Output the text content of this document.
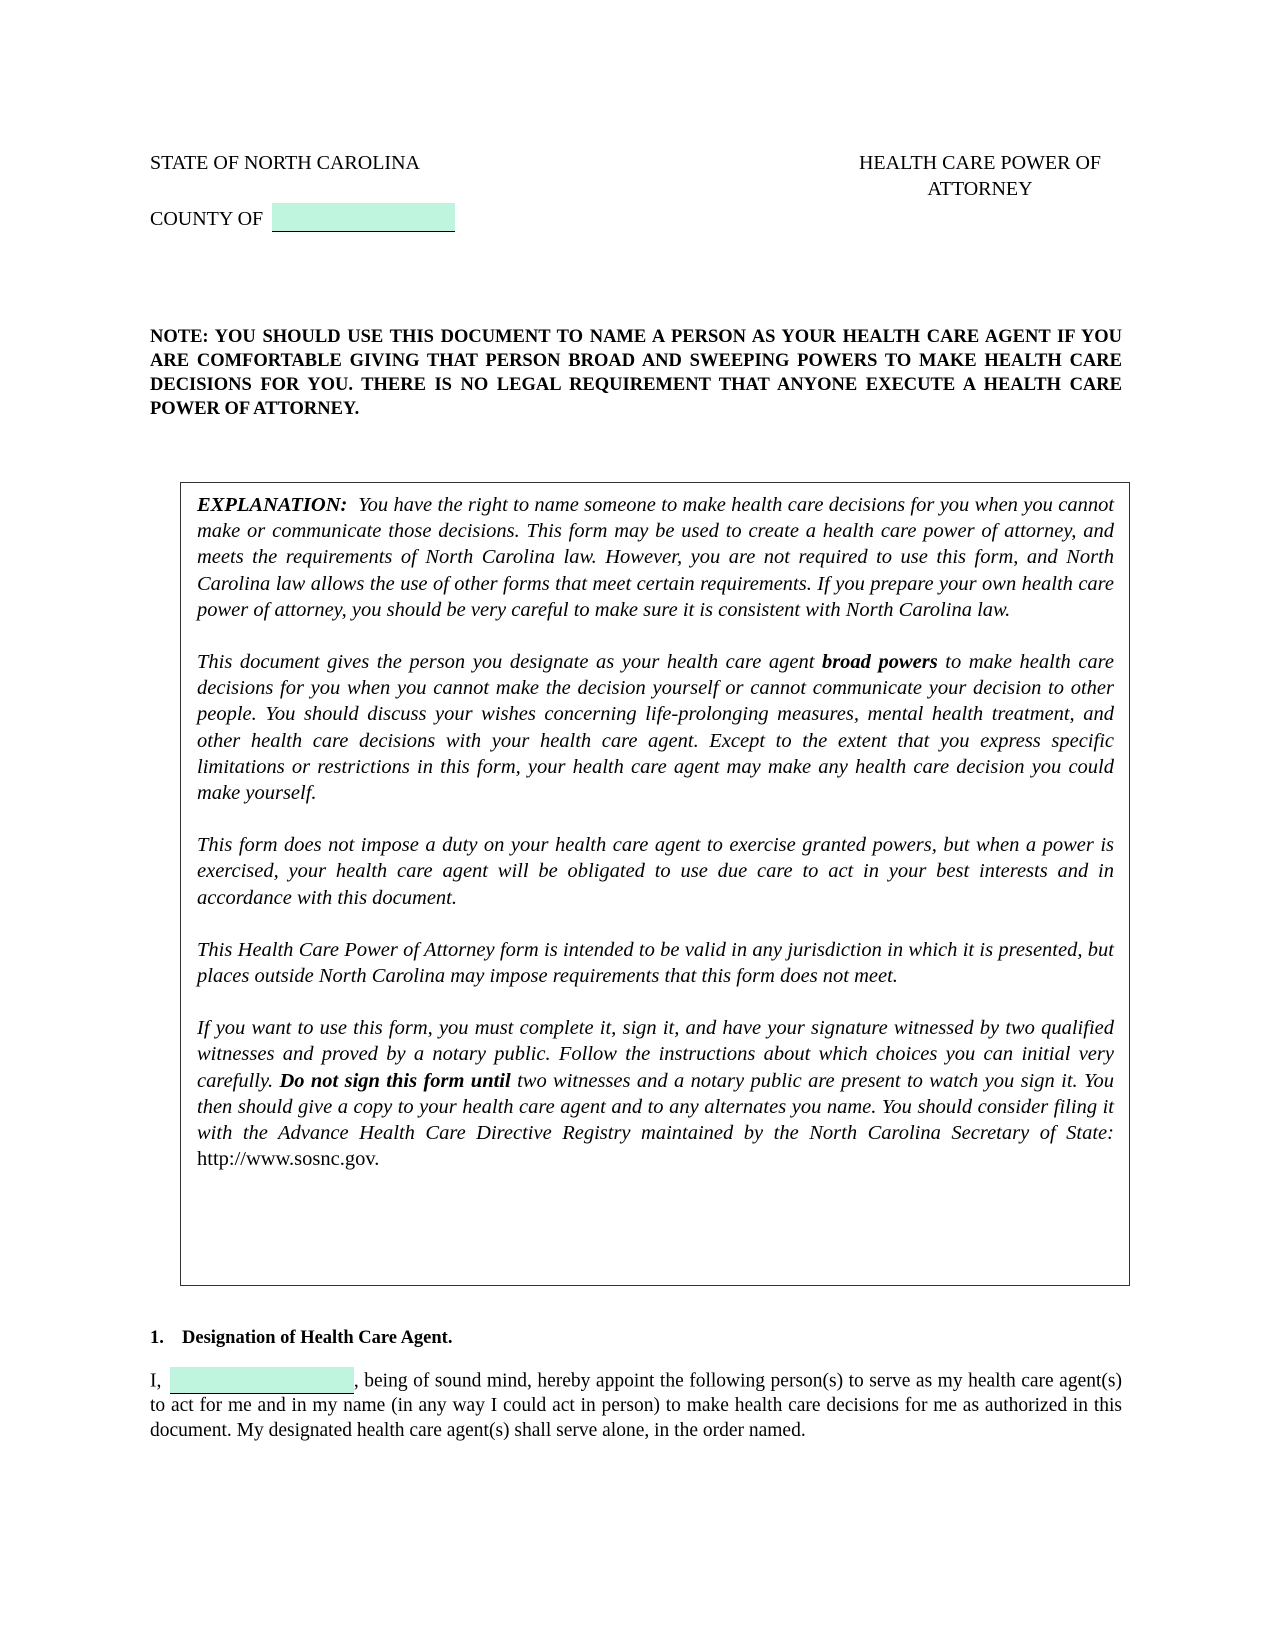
STATE OF NORTH CAROLINA	HEALTH CARE POWER OF
ATTORNEY
COUNTY OF
NOTE: YOU SHOULD USE THIS DOCUMENT TO NAME A PERSON AS YOUR HEALTH CARE AGENT IF YOU ARE COMFORTABLE GIVING THAT PERSON BROAD AND SWEEPING POWERS TO MAKE HEALTH CARE DECISIONS FOR YOU. THERE IS NO LEGAL REQUIREMENT THAT ANYONE EXECUTE A HEALTH CARE POWER OF ATTORNEY.

EXPLANATION: You have the right to name someone to make health care decisions for you when you cannot make or communicate those decisions. This form may be used to create a health care power of attorney, and meets the requirements of North Carolina law. However, you are not required to use this form, and North Carolina law allows the use of other forms that meet certain requirements. If you prepare your own health care power of attorney, you should be very careful to make sure it is consistent with North Carolina law.

This document gives the person you designate as your health care agent broad powers to make health care decisions for you when you cannot make the decision yourself or cannot communicate your decision to other people. You should discuss your wishes concerning life-prolonging measures, mental health treatment, and other health care decisions with your health care agent. Except to the extent that you express specific limitations or restrictions in this form, your health care agent may make any health care decision you could make yourself.

This form does not impose a duty on your health care agent to exercise granted powers, but when a power is exercised, your health care agent will be obligated to use due care to act in your best interests and in accordance with this document.

This Health Care Power of Attorney form is intended to be valid in any jurisdiction in which it is presented, but places outside North Carolina may impose requirements that this form does not meet.

If you want to use this form, you must complete it, sign it, and have your signature witnessed by two qualified witnesses and proved by a notary public. Follow the instructions about which choices you can initial very carefully. Do not sign this form until two witnesses and a notary public are present to watch you sign it. You then should give a copy to your health care agent and to any alternates you name. You should consider filing it with the Advance Health Care Directive Registry maintained by the North Carolina Secretary of State: http://www.sosnc.gov.

1. Designation of Health Care Agent.
I,	, being of sound mind, hereby appoint the following person(s) to serve as my health care agent(s) to act for me and in my name (in any way I could act in person) to make health care decisions for me as authorized in this document. My designated health care agent(s) shall serve alone, in the order named.
